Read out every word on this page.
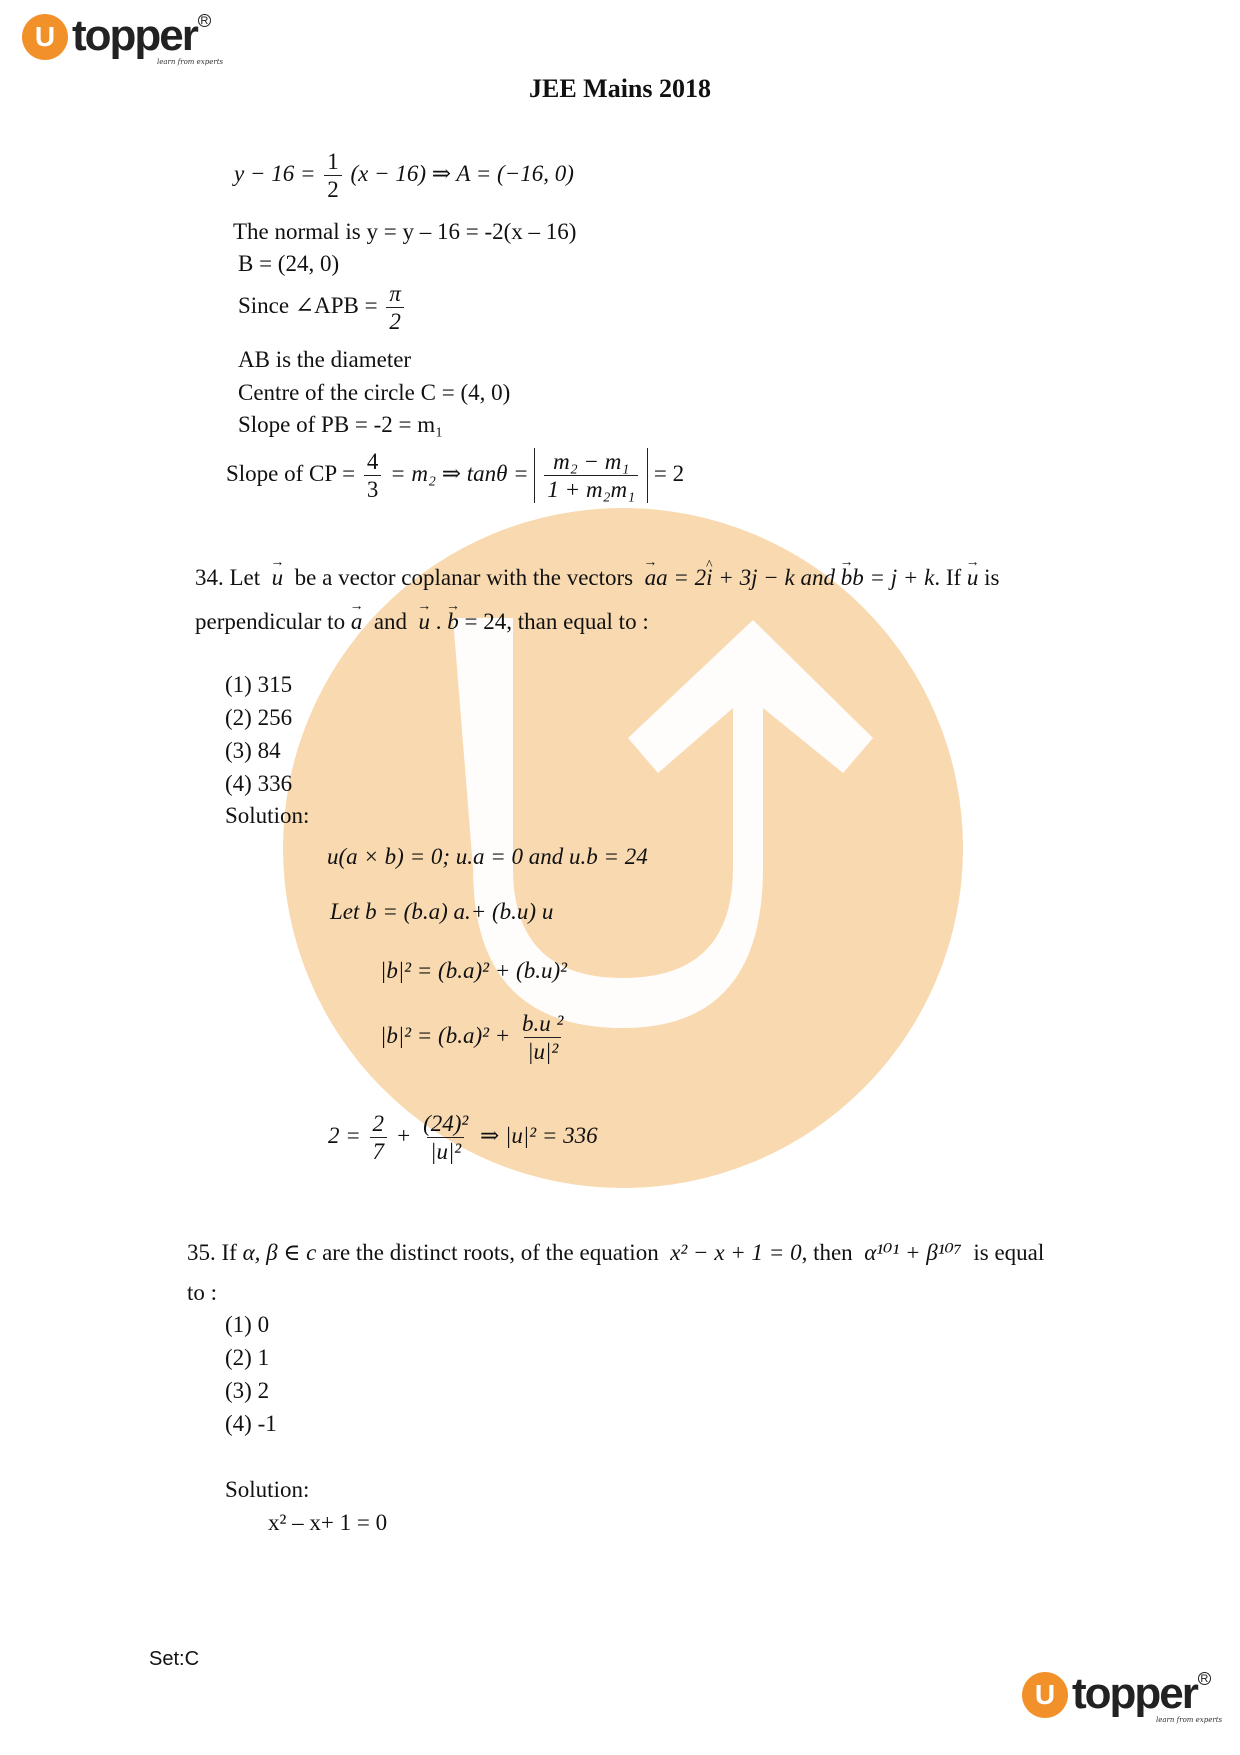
U topper R
learn from experts
JEE Mains 2018
$y - 16 = \frac{1}{2} (x - 16)$ ⇒ A = (−16, 0)
The normal is y = y – 16 = -2(x – 16)
B = (24, 0)
Since ∠APB = $\frac{\pi}{2}$
AB is the diameter
Centre of the circle C = (4, 0)
Slope of PB = -2 = m₁
Slope of CP = $\frac{4}{3} = m_2$ ⇒ $\tan\theta = \frac{\text{m₂ − m₁}}{\text{1 + m₂m₁}} = 2$
34. Let → u be a vector coplanar with the vectors → aa = 2^ i + 3j − k and → bb = j + k. If → u is
perpendicular to → a and → u . → b = 24, than equal to :
(1) 315
(2) 256
(3) 84
(4) 336
Solution:
u(a × b) = 0; u.a = 0 and u.b = 24
Let b = (b.a) a.+ (b.u) u
|b|² = (b.a)² + (b.u)²
$|b|^2 = (b.a)^2 + \frac{\text{b.u ²}}{\text{|u|²}}$
$2 = \frac{2}{7} + \frac{\text{(24)²}}{\text{|u|²}}$ ⇒ |u|² = 336
35. If α, β ∈ c are the distinct roots, of the equation x² − x + 1 = 0, then α¹⁰¹ + β¹⁰⁷ is equal
to :
(1) 0
(2) 1
(3) 2
(4) -1
Solution:
x² – x+ 1 = 0
Set:C
U topper R
learn from experts
